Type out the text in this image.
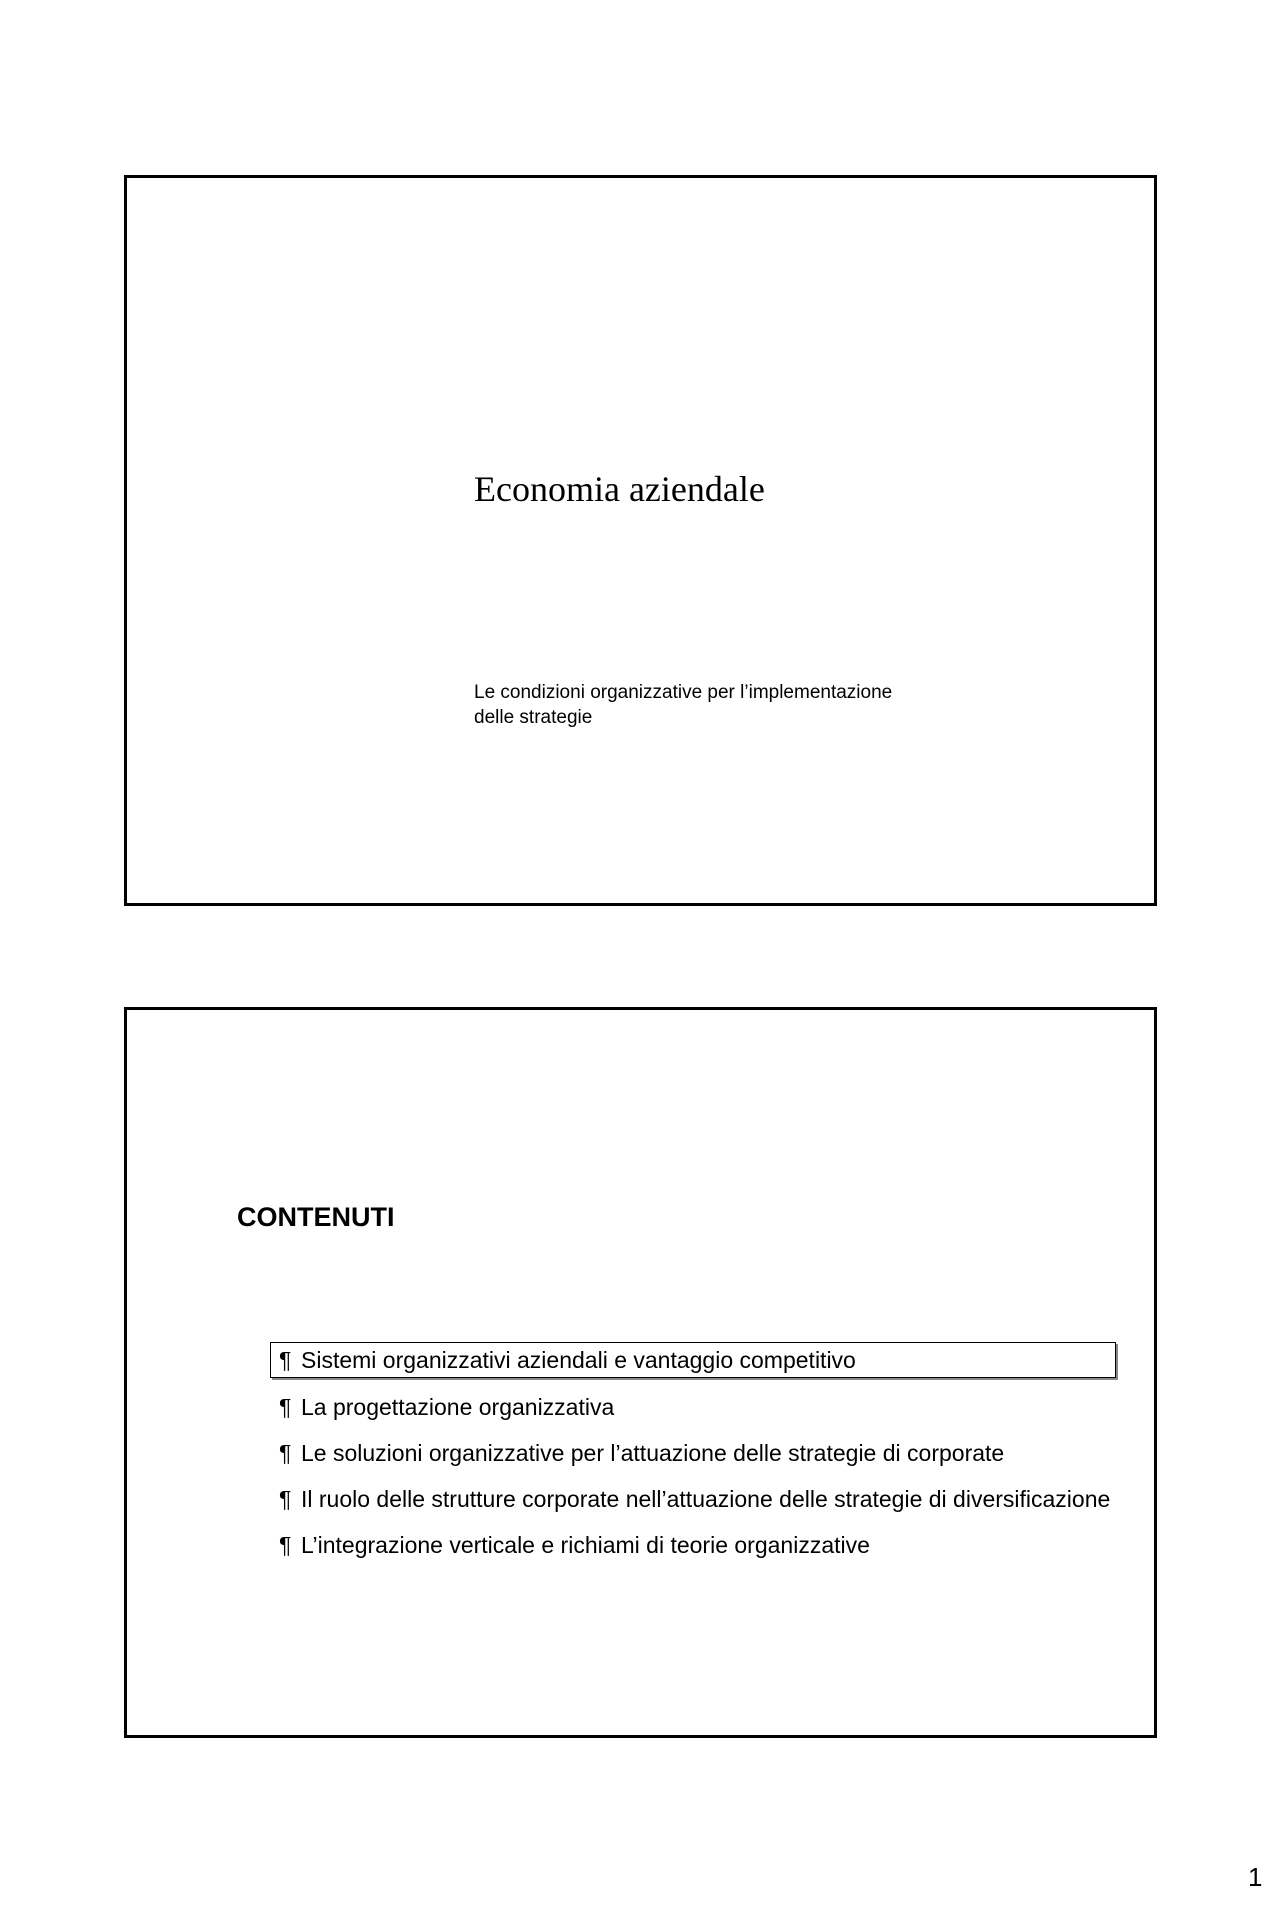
Economia aziendale
Le condizioni organizzative per l’implementazione
delle strategie
CONTENUTI
¶ Sistemi organizzativi aziendali e vantaggio competitivo
¶ La progettazione organizzativa
¶ Le soluzioni organizzative per l’attuazione delle strategie di corporate
¶ Il ruolo delle strutture corporate nell’attuazione delle strategie di diversificazione
¶ L’integrazione verticale e richiami di teorie organizzative
1
